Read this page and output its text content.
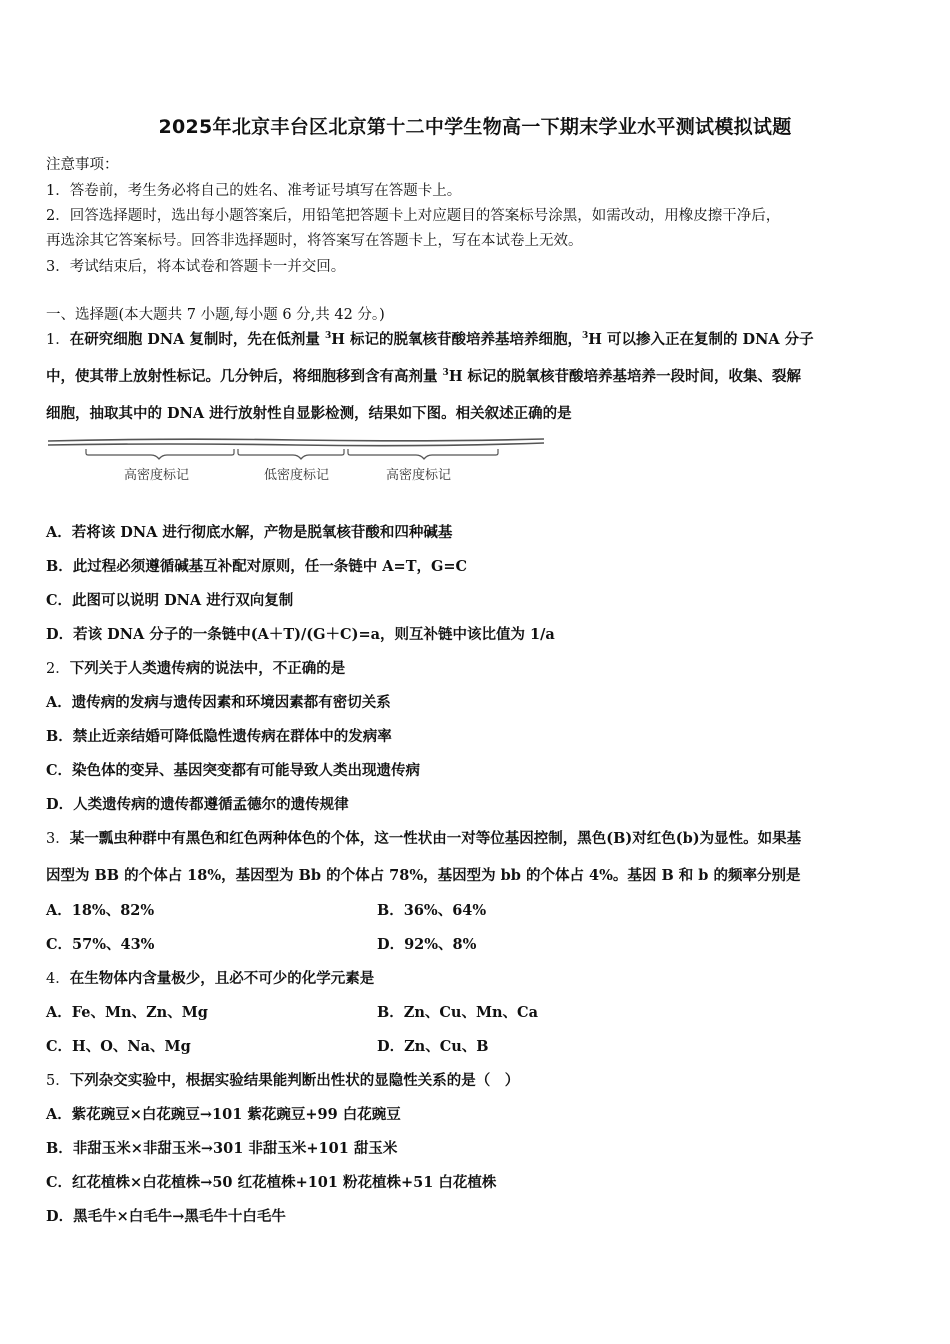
2025年北京丰台区北京第十二中学生物高一下期末学业水平测试模拟试题
注意事项：
1．答卷前，考生务必将自己的姓名、准考证号填写在答题卡上。
2．回答选择题时，选出每小题答案后，用铅笔把答题卡上对应题目的答案标号涂黑，如需改动，用橡皮擦干净后，
再选涂其它答案标号。回答非选择题时，将答案写在答题卡上，写在本试卷上无效。
3．考试结束后，将本试卷和答题卡一并交回。
一、选择题(本大题共 7 小题,每小题 6 分,共 42 分。)
1．在研究细胞 DNA 复制时，先在低剂量 $^3$H 标记的脱氧核苷酸培养基培养细胞，$^3$H 可以掺入正在复制的 DNA 分子
中，使其带上放射性标记。几分钟后，将细胞移到含有高剂量 $^3$H 标记的脱氧核苷酸培养基培养一段时间，收集、裂解
细胞，抽取其中的 DNA 进行放射性自显影检测，结果如下图。相关叙述正确的是
高密度标记	低密度标记	高密度标记
A．若将该 DNA 进行彻底水解，产物是脱氧核苷酸和四种碱基
B．此过程必须遵循碱基互补配对原则，任一条链中 A=T，G=C
C．此图可以说明 DNA 进行双向复制
D．若该 DNA 分子的一条链中(A＋T)/(G＋C)=a，则互补链中该比值为 1/a
2．下列关于人类遗传病的说法中，不正确的是
A．遗传病的发病与遗传因素和环境因素都有密切关系
B．禁止近亲结婚可降低隐性遗传病在群体中的发病率
C．染色体的变异、基因突变都有可能导致人类出现遗传病
D．人类遗传病的遗传都遵循孟德尔的遗传规律
3．某一瓢虫种群中有黑色和红色两种体色的个体，这一性状由一对等位基因控制，黑色(B)对红色(b)为显性。如果基
因型为 BB 的个体占 18%，基因型为 Bb 的个体占 78%，基因型为 bb 的个体占 4%。基因 B 和 b 的频率分别是
A．18%、82%	B．36%、64%
C．57%、43%	D．92%、8%
4．在生物体内含量极少，且必不可少的化学元素是
A．Fe、Mn、Zn、Mg	B．Zn、Cu、Mn、Ca
C．H、O、Na、Mg	D．Zn、Cu、B
5．下列杂交实验中，根据实验结果能判断出性状的显隐性关系的是（　）
A．紫花豌豆×白花豌豆→101 紫花豌豆+99 白花豌豆
B．非甜玉米×非甜玉米→301 非甜玉米+101 甜玉米
C．红花植株×白花植株→50 红花植株+101 粉花植株+51 白花植株
D．黑毛牛×白毛牛→黑毛牛十白毛牛
